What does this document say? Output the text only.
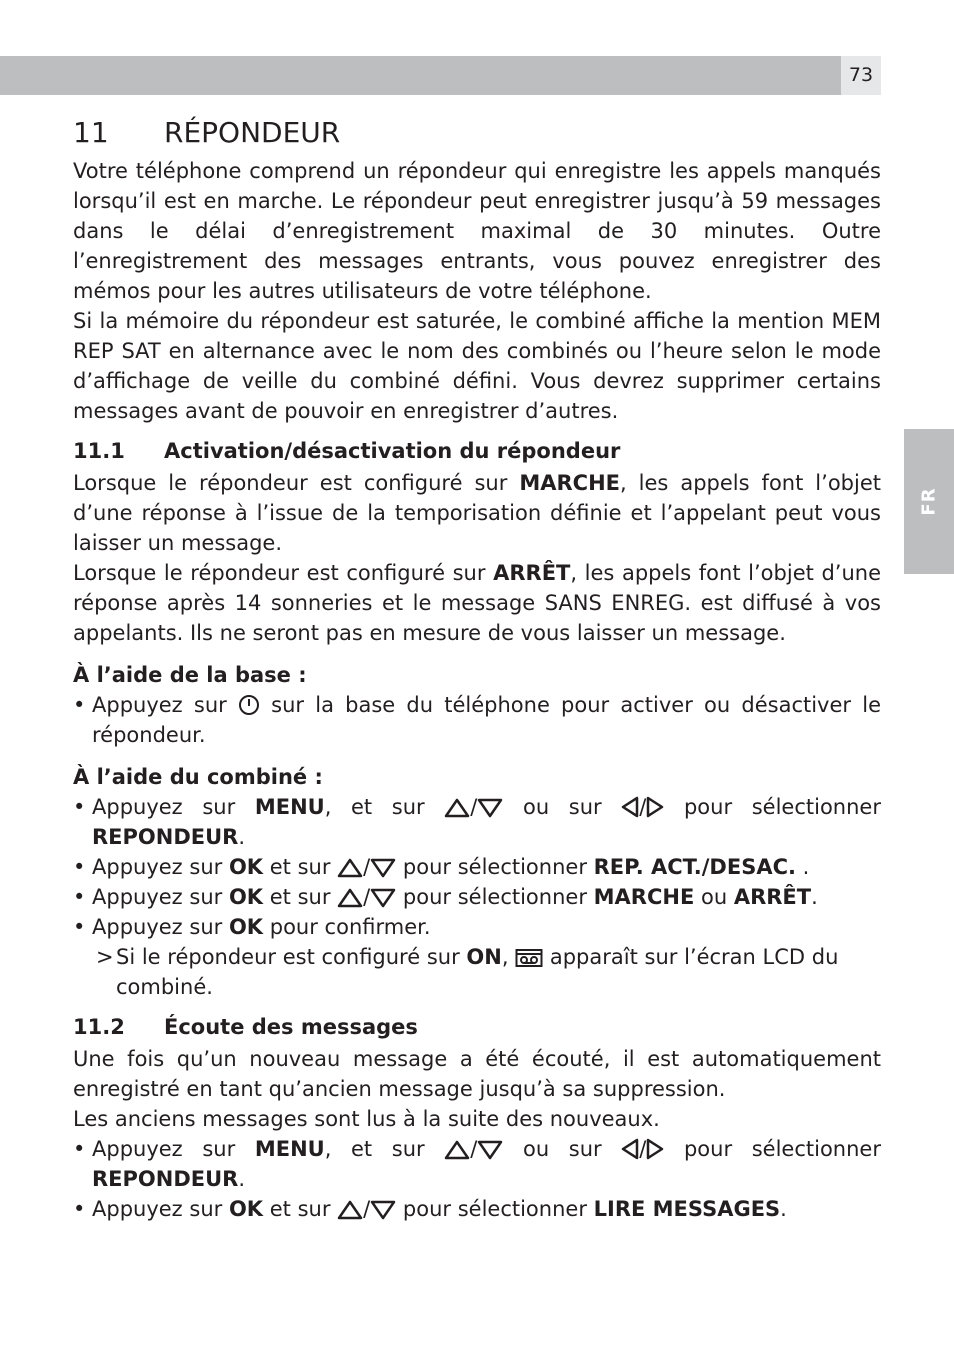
73
FR
11 RÉPONDEUR

Votre téléphone comprend un répondeur qui enregistre les appels manqués lorsqu’il est en marche. Le répondeur peut enregistrer jusqu’à 59 messages dans le délai d’enregistrement maximal de 30 minutes. Outre l’enregistrement des messages entrants, vous pouvez enregistrer des mémos pour les autres utilisateurs de votre téléphone.

Si la mémoire du répondeur est saturée, le combiné affiche la mention MEM REP SAT en alternance avec le nom des combinés ou l’heure selon le mode d’affichage de veille du combiné défini. Vous devrez supprimer certains messages avant de pouvoir en enregistrer d’autres.

11.1 Activation/désactivation du répondeur

Lorsque le répondeur est configuré sur MARCHE, les appels font l’objet d’une réponse à l’issue de la temporisation définie et l’appelant peut vous laisser un message.

Lorsque le répondeur est configuré sur ARRÊT, les appels font l’objet d’une réponse après 14 sonneries et le message SANS ENREG. est diffusé à vos appelants. Ils ne seront pas en mesure de vous laisser un message.

À l’aide de la base :
• Appuyez sur  sur la base du téléphone pour activer ou désactiver le répondeur.
À l’aide du combiné :
• Appuyez sur MENU, et sur / ou sur / pour sélectionner REPONDEUR.
• Appuyez sur OK et sur / pour sélectionner REP. ACT./DESAC. .
• Appuyez sur OK et sur / pour sélectionner MARCHE ou ARRÊT.
• Appuyez sur OK pour confirmer.
> Si le répondeur est configuré sur ON,  apparaît sur l’écran LCD du combiné.
11.2 Écoute des messages

Une fois qu’un nouveau message a été écouté, il est automatiquement enregistré en tant qu’ancien message jusqu’à sa suppression.

Les anciens messages sont lus à la suite des nouveaux.

• Appuyez sur MENU, et sur / ou sur / pour sélectionner REPONDEUR.
• Appuyez sur OK et sur / pour sélectionner LIRE MESSAGES.
